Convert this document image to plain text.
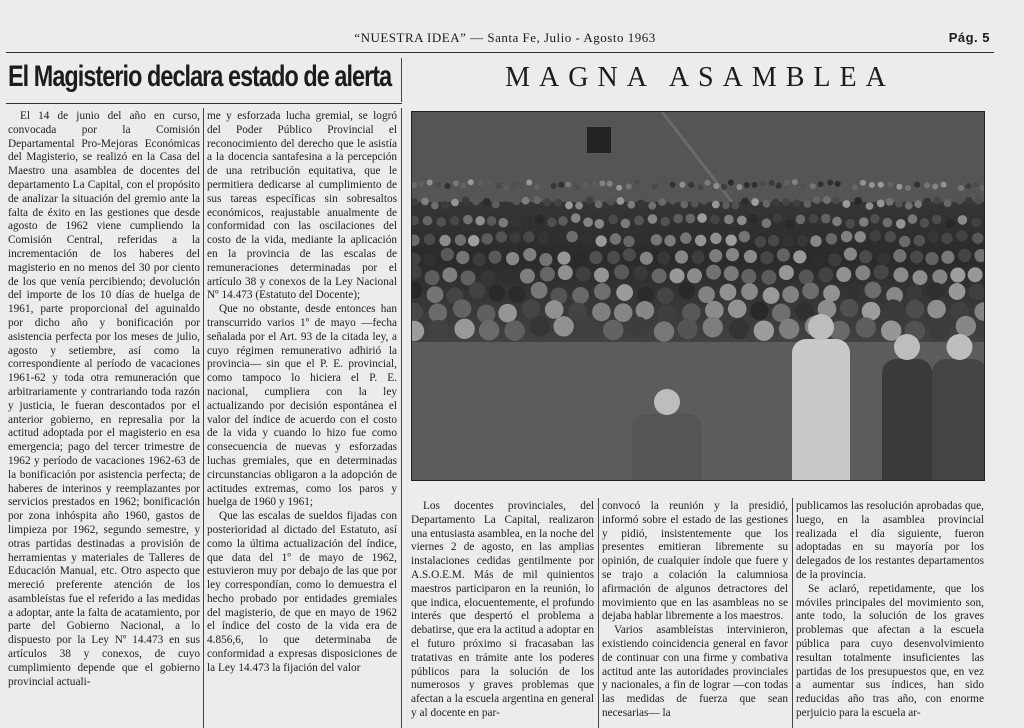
“NUESTRA IDEA” — Santa Fe, Julio - Agosto 1963	Pág. 5
El Magisterio declara estado de alerta

El 14 de junio del año en curso, convocada por la Comisión Departamental Pro-Mejoras Económicas del Magisterio, se realizó en la Casa del Maestro una asamblea de docentes del departamento La Capital, con el propósito de analizar la situación del gremio ante la falta de éxito en las gestiones que desde agosto de 1962 viene cumpliendo la Comisión Central, referidas a la incrementación de los haberes del magisterio en no menos del 30 por ciento de los que venía percibiendo; devolución del importe de los 10 días de huelga de 1961, parte proporcional del aguinaldo por dicho año y bonificación por asistencia perfecta por los meses de julio, agosto y setiembre, así como la correspondiente al período de vacaciones 1961-62 y toda otra remuneración que arbitrariamente y contrariando toda razón y justicia, le fueran descontados por el anterior gobierno, en represalia por la actitud adoptada por el magisterio en esa emergencia; pago del tercer trimestre de 1962 y período de vacaciones 1962-63 de la bonificación por asistencia perfecta; de haberes de interinos y reemplazantes por servicios prestados en 1962; bonificación por zona inhóspita año 1960, gastos de limpieza por 1962, segundo semestre, y otras partidas destinadas a provisión de herramientas y materiales de Talleres de Educación Manual, etc. Otro aspecto que mereció preferente atención de los asambleístas fue el referido a las medidas a adoptar, ante la falta de acatamiento, por parte del Gobierno Nacional, a lo dispuesto por la Ley Nº 14.473 en sus artículos 38 y conexos, de cuyo cumplimiento depende que el gobierno provincial actuali-

me y esforzada lucha gremial, se logró del Poder Público Provincial el reconocimiento del derecho que le asistía a la docencia santafesina a la percepción de una retribución equitativa, que le permitiera dedicarse al cumplimiento de sus tareas específicas sin sobresaltos económicos, reajustable anualmente de conformidad con las oscilaciones del costo de la vida, mediante la aplicación en la provincia de las escalas de remuneraciones determinadas por el artículo 38 y conexos de la Ley Nacional Nº 14.473 (Estatuto del Docente);

Que no obstante, desde entonces han transcurrido varios 1º de mayo —fecha señalada por el Art. 93 de la citada ley, a cuyo régimen remunerativo adhirió la provincia— sin que el P. E. provincial, como tampoco lo hiciera el P. E. nacional, cumpliera con la ley actualizando por decisión espontánea el valor del índice de acuerdo con el costo de la vida y cuando lo hizo fue como consecuencia de nuevas y esforzadas luchas gremiales, que en determinadas circunstancias obligaron a la adopción de actitudes extremas, como los paros y huelga de 1960 y 1961;

Que las escalas de sueldos fijadas con posterioridad al dictado del Estatuto, así como la última actualización del índice, que data del 1º de mayo de 1962, estuvieron muy por debajo de las que por ley correspondían, como lo demuestra el hecho probado por entidades gremiales del magisterio, de que en mayo de 1962 el índice del costo de la vida era de 4.856,6, lo que determinaba de conformidad a expresas disposiciones de la Ley 14.473 la fijación del valor

MAGNA ASAMBLEA

Los docentes provinciales, del Departamento La Capital, realizaron una entusiasta asamblea, en la noche del viernes 2 de agosto, en las amplias instalaciones cedidas gentilmente por A.S.O.E.M. Más de mil quinientos maestros participaron en la reunión, lo que indica, elocuentemente, el profundo interés que despertó el problema a debatirse, que era la actitud a adoptar en el futuro próximo si fracasaban las tratativas en trámite ante los poderes públicos para la solución de los numerosos y graves problemas que afectan a la escuela argentina en general y al docente en par-

convocó la reunión y la presidió, informó sobre el estado de las gestiones y pidió, insistentemente que los presentes emitieran libremente su opinión, de cualquier índole que fuere y se trajo a colación la calumniosa afirmación de algunos detractores del movimiento que en las asambleas no se dejaba hablar libremente a los maestros.

Varios asambleístas intervinieron, existiendo coincidencia general en favor de continuar con una firme y combativa actitud ante las autoridades provinciales y nacionales, a fin de lograr —con todas las medidas de fuerza que sean necesarias— la

publicamos las resolución aprobadas que, luego, en la asamblea provincial realizada el día siguiente, fueron adoptadas en su mayoría por los delegados de los restantes departamentos de la provincia.

Se aclaró, repetidamente, que los móviles principales del movimiento son, ante todo, la solución de los graves problemas que afectan a la escuela pública para cuyo desenvolvimiento resultan totalmente insuficientes las partidas de los presupuestos que, en vez a aumentar sus índices, han sido reducidas año tras año, con enorme perjuicio para la escuela ar-
